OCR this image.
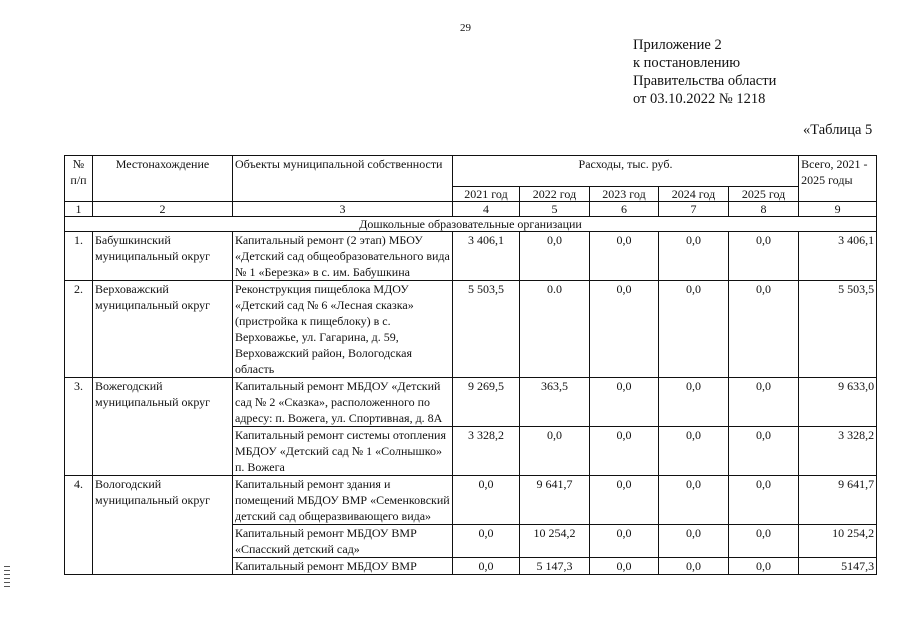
29
Приложение 2
к постановлению
Правительства области
от 03.10.2022 № 1218
«Таблица 5
№ п/п	Местонахождение	Объекты муниципальной собственности	Расходы, тыс. руб.					Всего, 2021 - 2025 годы
			2021 год	2022 год	2023 год	2024 год	2025 год	
1	2	3	4	5	6	7	8	9
Дошкольные образовательные организации								
1.	Бабушкинский муниципальный округ	Капитальный ремонт (2 этап) МБОУ «Детский сад общеобразовательного вида № 1 «Березка» в с. им. Бабушкина	3 406,1	0,0	0,0	0,0	0,0	3 406,1
2.	Верховажский муниципальный округ	Реконструкция пищеблока МДОУ «Детский сад № 6 «Лесная сказка» (пристройка к пищеблоку) в с. Верховажье, ул. Гагарина, д. 59, Верховажский район, Вологодская область	5 503,5	0.0	0,0	0,0	0,0	5 503,5
3.	Вожегодский муниципальный округ	Капитальный ремонт МБДОУ «Детский сад № 2 «Сказка», расположенного по адресу: п. Вожега, ул. Спортивная, д. 8А	9 269,5	363,5	0,0	0,0	0,0	9 633,0
		Капитальный ремонт системы отопления МБДОУ «Детский сад № 1 «Солнышко» п. Вожега	3 328,2	0,0	0,0	0,0	0,0	3 328,2
4.	Вологодский муниципальный округ	Капитальный ремонт здания и помещений МБДОУ ВМР «Семенковский детский сад общеразвивающего вида»	0,0	9 641,7	0,0	0,0	0,0	9 641,7
		Капитальный ремонт МБДОУ ВМР «Спасский детский сад»	0,0	10 254,2	0,0	0,0	0,0	10 254,2
		Капитальный ремонт МБДОУ ВМР	0,0	5 147,3	0,0	0,0	0,0	5147,3
